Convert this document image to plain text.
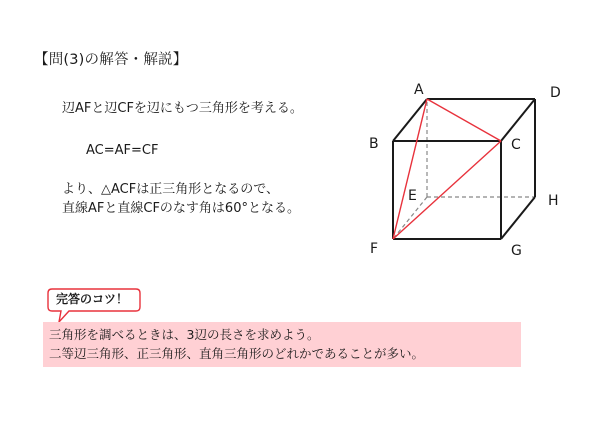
【問(3)の解答・解説】
辺AFと辺CFを辺にもつ三角形を考える。
AC=AF=CF
より、△ACFは正三角形となるので、
直線AFと直線CFのなす角は60°となる。
A	D
B	C
E	H
F	G
完答のコツ！
三角形を調べるときは、3辺の長さを求めよう。
二等辺三角形、正三角形、直角三角形のどれかであることが多い。
